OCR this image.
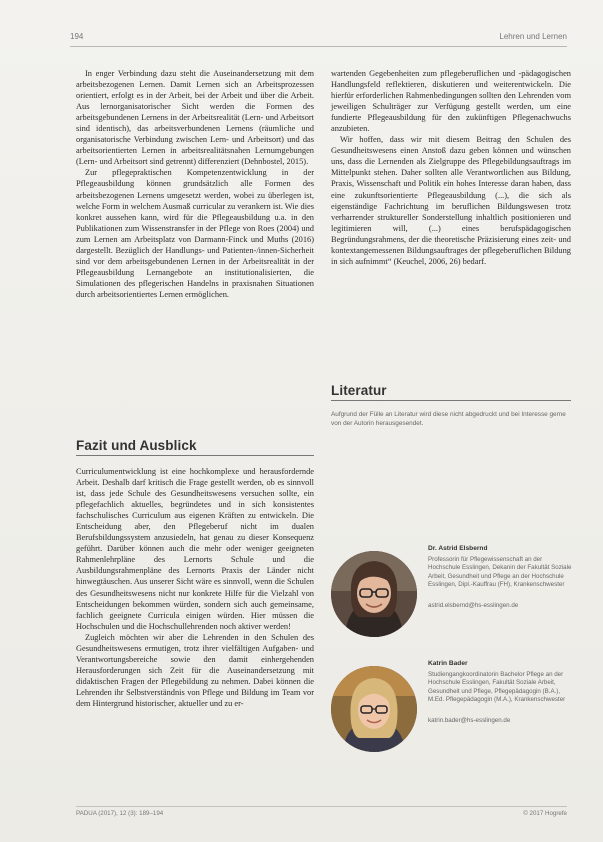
194	Lehren und Lernen

In enger Verbindung dazu steht die Auseinandersetzung mit dem arbeitsbezogenen Lernen. Damit Lernen sich an Arbeitsprozessen orientiert, erfolgt es in der Arbeit, bei der Arbeit und über die Arbeit. Aus lernorganisatorischer Sicht werden die Formen des arbeitsgebundenen Lernens in der Arbeitsrealität (Lern- und Arbeitsort sind identisch), das arbeitsverbundenen Lernens (räumliche und organisatorische Verbindung zwischen Lern- und Arbeitsort) und das arbeitsorientierten Lernen in arbeitsrealitätsnahen Lernumgebungen (Lern- und Arbeitsort sind getrennt) differenziert (Dehnbostel, 2015).

Zur pflegepraktischen Kompetenzentwicklung in der Pflegeausbildung können grundsätzlich alle Formen des arbeitsbezogenen Lernens umgesetzt werden, wobei zu überlegen ist, welche Form in welchem Ausmaß curricular zu verankern ist. Wie dies konkret aussehen kann, wird für die Pflegeausbildung u.a. in den Publikationen zum Wissenstransfer in der Pflege von Roes (2004) und zum Lernen am Arbeitsplatz von Darmann-Finck und Muths (2016) dargestellt. Bezüglich der Handlungs- und Patienten-/innen-Sicherheit sind vor dem arbeitsgebundenen Lernen in der Arbeitsrealität in der Pflegeausbildung Lernangebote an institutionalisierten, die Simulationen des pflegerischen Handelns in praxisnahen Situationen durch arbeitsorientiertes Lernen ermöglichen.

Fazit und Ausblick

Curriculumentwicklung ist eine hochkomplexe und herausfordernde Arbeit. Deshalb darf kritisch die Frage gestellt werden, ob es sinnvoll ist, dass jede Schule des Gesundheitswesens versuchen sollte, ein pflegefachlich aktuelles, begründetes und in sich konsistentes fachschulisches Curriculum aus eigenen Kräften zu entwickeln. Die Entscheidung aber, den Pflegeberuf nicht im dualen Berufsbildungssystem anzusiedeln, hat genau zu dieser Konsequenz geführt. Darüber können auch die mehr oder weniger geeigneten Rahmenlehrpläne des Lernorts Schule und die Ausbildungsrahmenpläne des Lernorts Praxis der Länder nicht hinwegtäuschen. Aus unserer Sicht wäre es sinnvoll, wenn die Schulen des Gesundheitswesens nicht nur konkrete Hilfe für die Vielzahl von Entscheidungen bekommen würden, sondern sich auch gemeinsame, fachlich geeignete Curricula einigen würden. Hier müssen die Hochschulen und die Hochschullehrenden noch aktiver werden!

Zugleich möchten wir aber die Lehrenden in den Schulen des Gesundheitswesens ermutigen, trotz ihrer vielfältigen Aufgaben- und Verantwortungsbereiche sowie den damit einhergehenden Herausforderungen sich Zeit für die Auseinandersetzung mit didaktischen Fragen der Pflegebildung zu nehmen. Dabei können die Lehrenden ihr Selbstverständnis von Pflege und Bildung im Team vor dem Hintergrund historischer, aktueller und zu er-

wartenden Gegebenheiten zum pflegeberuflichen und -pädagogischen Handlungsfeld reflektieren, diskutieren und weiterentwickeln. Die hierfür erforderlichen Rahmenbedingungen sollten den Lehrenden vom jeweiligen Schulträger zur Verfügung gestellt werden, um eine fundierte Pflegeausbildung für den zukünftigen Pflegenachwuchs anzubieten.

Wir hoffen, dass wir mit diesem Beitrag den Schulen des Gesundheitswesens einen Anstoß dazu geben können und wünschen uns, dass die Lernenden als Zielgruppe des Pflegebildungsauftrags im Mittelpunkt stehen. Daher sollten alle Verantwortlichen aus Bildung, Praxis, Wissenschaft und Politik ein hohes Interesse daran haben, dass eine zukunftsorientierte Pflegeausbildung (...), die sich als eigenständige Fachrichtung im beruflichen Bildungswesen trotz verharrender struktureller Sonderstellung inhaltlich positionieren und legitimieren will, (...) eines berufspädagogischen Begründungsrahmens, der die theoretische Präzisierung eines zeit- und kontextangemessenen Bildungsauftrages der pflegeberuflichen Bildung in sich aufnimmt“ (Keuchel, 2006, 26) bedarf.

Literatur
Aufgrund der Fülle an Literatur wird diese nicht abgedruckt und bei Interesse gerne von der Autorin herausgesendet.
Dr. Astrid Elsbernd
Professorin für Pflegewissenschaft an der Hochschule Esslingen, Dekanin der Fakultät Soziale Arbeit, Gesundheit und Pflege an der Hochschule Esslingen, Dipl.-Kauffrau (FH), Krankenschwester
astrid.elsbernd@hs-esslingen.de
Katrin Bader
Studiengangkoordinatorin Bachelor Pflege an der Hochschule Esslingen, Fakultät Soziale Arbeit, Gesundheit und Pflege, Pflegepädagogin (B.A.), M.Ed. Pflegepädagogin (M.A.), Krankenschwester
katrin.bader@hs-esslingen.de
PADUA (2017), 12 (3): 189–194	© 2017 Hogrefe
